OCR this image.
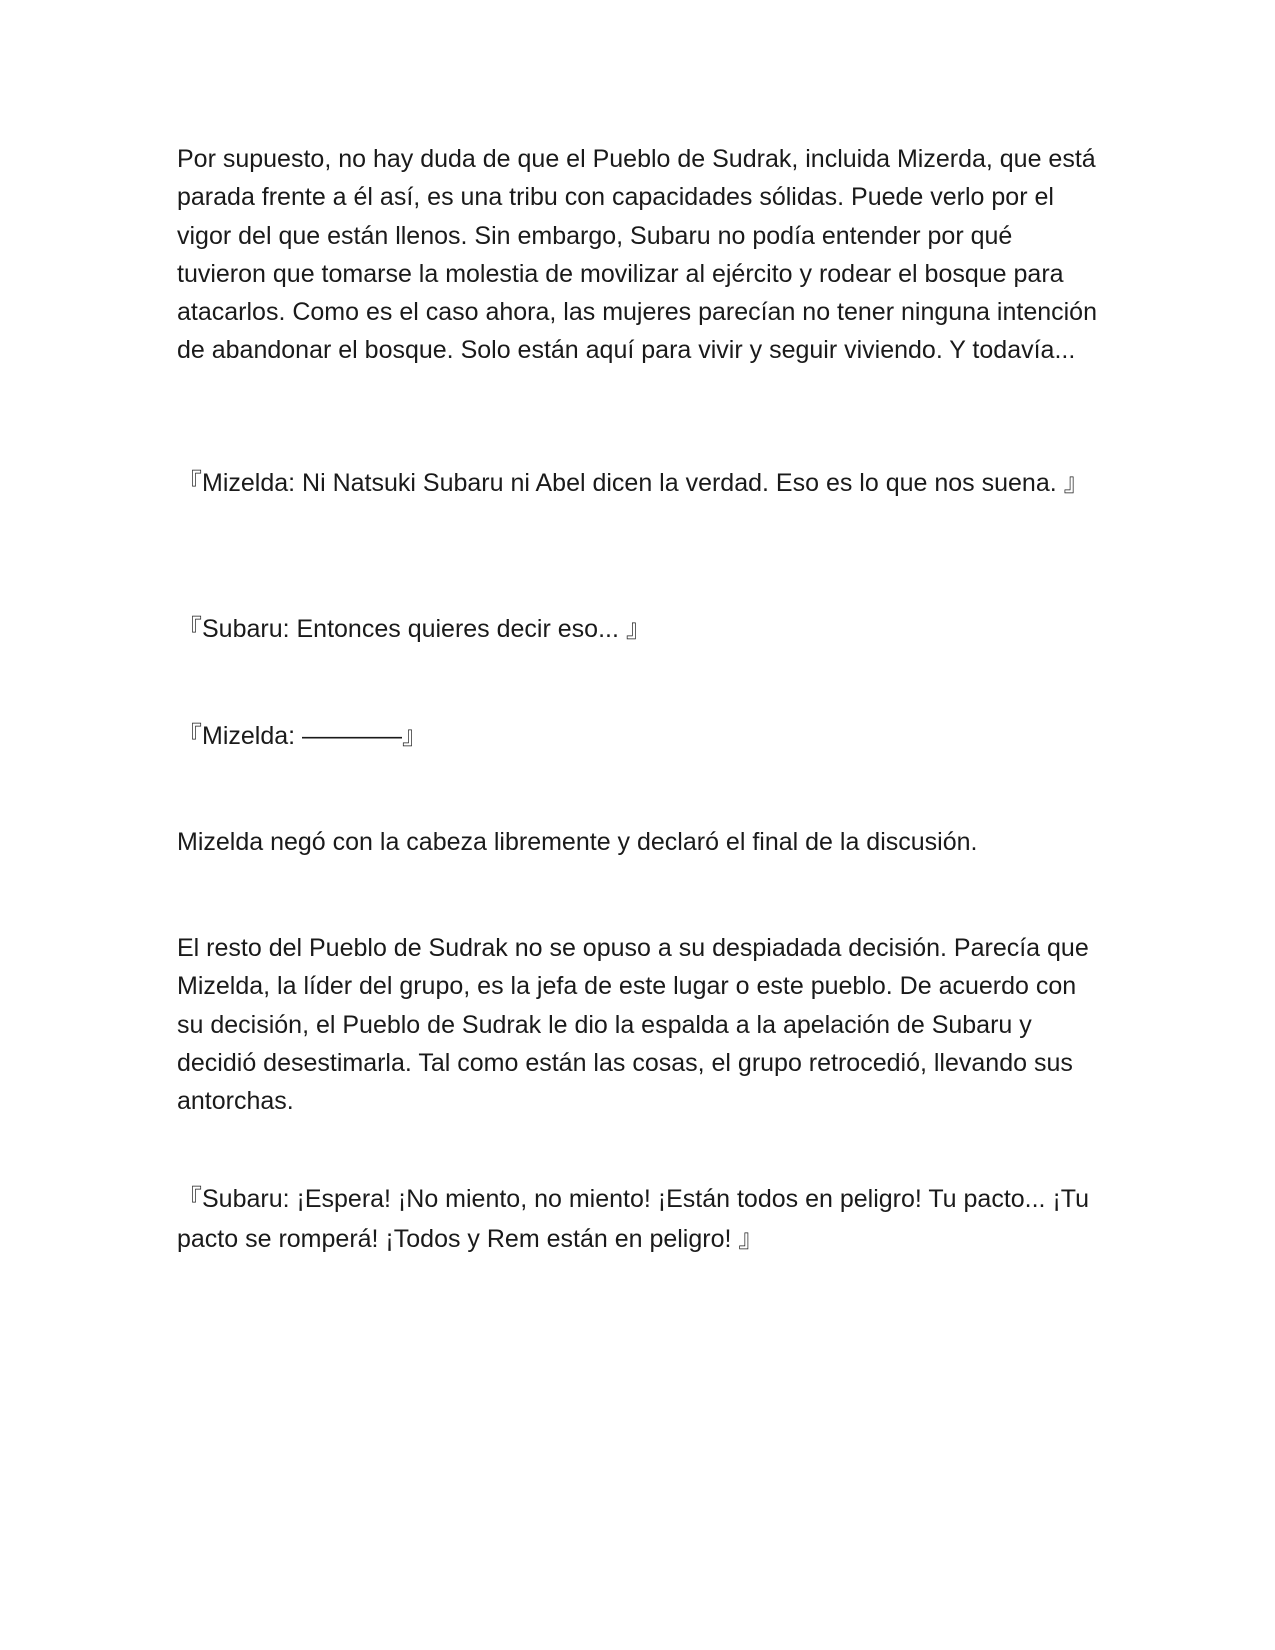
Por supuesto, no hay duda de que el Pueblo de Sudrak, incluida Mizerda, que está parada frente a él así, es una tribu con capacidades sólidas. Puede verlo por el vigor del que están llenos. Sin embargo, Subaru no podía entender por qué tuvieron que tomarse la molestia de movilizar al ejército y rodear el bosque para atacarlos. Como es el caso ahora, las mujeres parecían no tener ninguna intención de abandonar el bosque. Solo están aquí para vivir y seguir viviendo. Y todavía...

『Mizelda: Ni Natsuki Subaru ni Abel dicen la verdad. Eso es lo que nos suena. 』

『Subaru: Entonces quieres decir eso... 』

『Mizelda: ————』

Mizelda negó con la cabeza libremente y declaró el final de la discusión.

El resto del Pueblo de Sudrak no se opuso a su despiadada decisión. Parecía que Mizelda, la líder del grupo, es la jefa de este lugar o este pueblo. De acuerdo con su decisión, el Pueblo de Sudrak le dio la espalda a la apelación de Subaru y decidió desestimarla. Tal como están las cosas, el grupo retrocedió, llevando sus antorchas.

『Subaru: ¡Espera! ¡No miento, no miento! ¡Están todos en peligro! Tu pacto... ¡Tu pacto se romperá! ¡Todos y Rem están en peligro! 』
